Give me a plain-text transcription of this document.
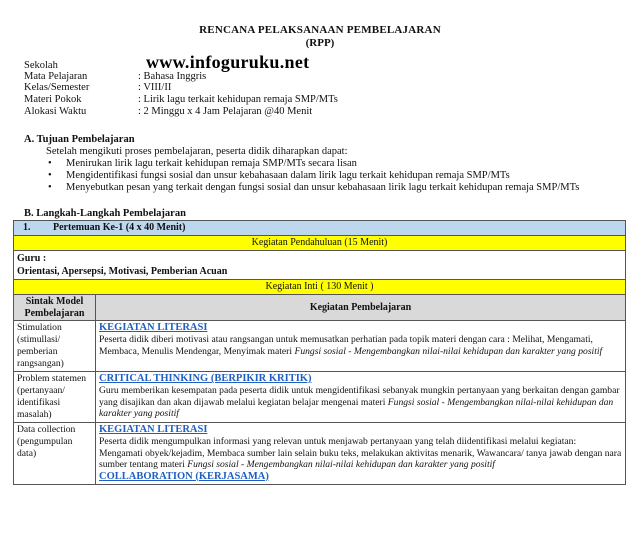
RENCANA PELAKSANAAN PEMBELAJARAN
(RPP)
www.infoguruku.net
Sekolah
Mata Pelajaran	: Bahasa Inggris
Kelas/Semester	: VIII/II
Materi Pokok	: Lirik lagu terkait kehidupan remaja SMP/MTs
Alokasi Waktu	: 2 Minggu x 4 Jam Pelajaran @40 Menit
A. Tujuan Pembelajaran
Setelah mengikuti proses pembelajaran, peserta didik diharapkan dapat:
• Menirukan lirik lagu terkait kehidupan remaja SMP/MTs secara lisan
• Mengidentifikasi fungsi sosial dan unsur kebahasaan dalam lirik lagu terkait kehidupan remaja SMP/MTs
• Menyebutkan pesan yang terkait dengan fungsi sosial dan unsur kebahasaan lirik lagu terkait kehidupan remaja SMP/MTs
B. Langkah-Langkah Pembelajaran
1. Pertemuan Ke-1 (4 x 40 Menit)	
Kegiatan Pendahuluan (15 Menit)	

Guru :
Orientasi, Apersepsi, Motivasi, Pemberian Acuan	

Kegiatan Inti ( 130 Menit )	
Sintak Model Pembelajaran	Kegiatan Pembelajaran
Stimulation (stimullasi/ pemberian rangsangan)	KEGIATAN LITERASI
Peserta didik diberi motivasi atau rangsangan untuk memusatkan perhatian pada topik materi dengan cara : Melihat, Mengamati, Membaca, Menulis Mendengar, Menyimak materi Fungsi sosial - Mengembangkan nilai-nilai kehidupan dan karakter yang positif

Problem statemen (pertanyaan/ identifikasi masalah)	CRITICAL THINKING (BERPIKIR KRITIK)
Guru memberikan kesempatan pada peserta didik untuk mengidentifikasi sebanyak mungkin pertanyaan yang berkaitan dengan gambar yang disajikan dan akan dijawab melalui kegiatan belajar mengenai materi Fungsi sosial - Mengembangkan nilai-nilai kehidupan dan karakter yang positif

Data collection (pengumpulan data)	KEGIATAN LITERASI
Peserta didik mengumpulkan informasi yang relevan untuk menjawab pertanyaan yang telah diidentifikasi melalui kegiatan: Mengamati obyek/kejadim, Membaca sumber lain selain buku teks, melakukan aktivitas menarik, Wawancara/ tanya jawab dengan nara sumber tentang materi Fungsi sosial - Mengembangkan nilai-nilai kehidupan dan karakter yang positif
COLLABORATION (KERJASAMA)
